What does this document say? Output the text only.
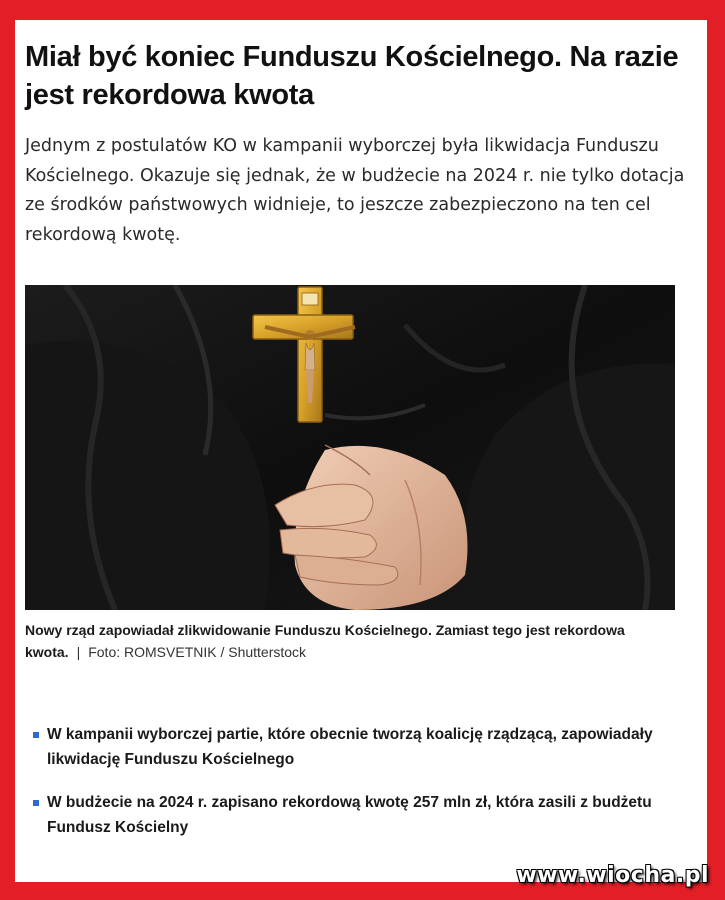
Miał być koniec Funduszu Kościelnego. Na razie jest rekordowa kwota

Jednym z postulatów KO w kampanii wyborczej była likwidacja Funduszu Kościelnego. Okazuje się jednak, że w budżecie na 2024 r. nie tylko dotacja ze środków państwowych widnieje, to jeszcze zabezpieczono na ten cel rekordową kwotę.

Nowy rząd zapowiadał zlikwidowanie Funduszu Kościelnego. Zamiast tego jest rekordowa kwota. | Foto: ROMSVETNIK / Shutterstock

W kampanii wyborczej partie, które obecnie tworzą koalicję rządzącą, zapowiadały likwidację Funduszu Kościelnego
W budżecie na 2024 r. zapisano rekordową kwotę 257 mln zł, która zasili z budżetu Fundusz Kościelny
www.wiocha.pl
